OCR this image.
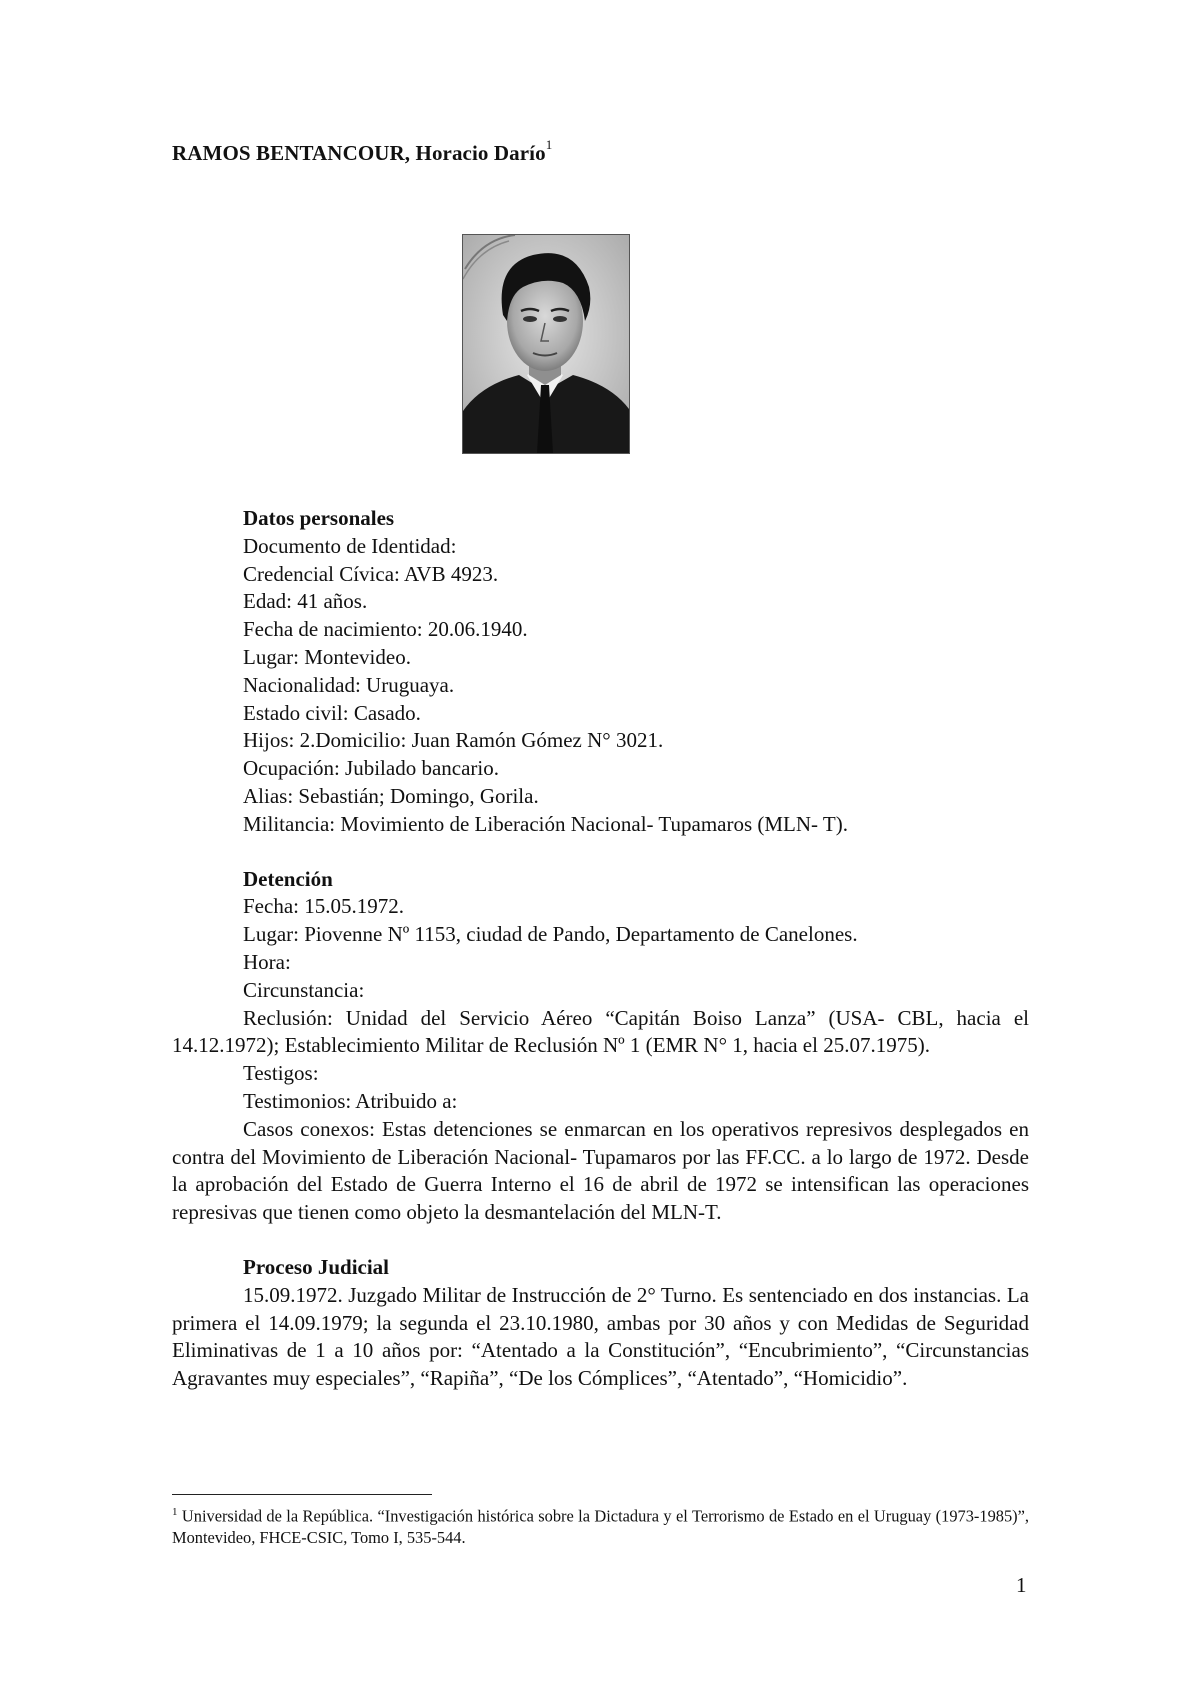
RAMOS BENTANCOUR, Horacio Darío$^1$
Datos personales
Documento de Identidad:
Credencial Cívica: AVB 4923.
Edad: 41 años.
Fecha de nacimiento: 20.06.1940.
Lugar: Montevideo.
Nacionalidad: Uruguaya.
Estado civil: Casado.
Hijos: 2.Domicilio: Juan Ramón Gómez N° 3021.
Ocupación: Jubilado bancario.
Alias: Sebastián; Domingo, Gorila.
Militancia: Movimiento de Liberación Nacional- Tupamaros (MLN- T).
Detención
Fecha: 15.05.1972.
Lugar: Piovenne Nº 1153, ciudad de Pando, Departamento de Canelones.
Hora:
Circunstancia:
Reclusión: Unidad del Servicio Aéreo “Capitán Boiso Lanza” (USA- CBL, hacia el 14.12.1972); Establecimiento Militar de Reclusión Nº 1 (EMR N° 1, hacia el 25.07.1975).
Testigos:
Testimonios: Atribuido a:
Casos conexos: Estas detenciones se enmarcan en los operativos represivos desplegados en contra del Movimiento de Liberación Nacional- Tupamaros por las FF.CC. a lo largo de 1972. Desde la aprobación del Estado de Guerra Interno el 16 de abril de 1972 se intensifican las operaciones represivas que tienen como objeto la desmantelación del MLN-T.
Proceso Judicial
15.09.1972. Juzgado Militar de Instrucción de 2° Turno. Es sentenciado en dos instancias. La primera el 14.09.1979; la segunda el 23.10.1980, ambas por 30 años y con Medidas de Seguridad Eliminativas de 1 a 10 años por: “Atentado a la Constitución”, “Encubrimiento”, “Circunstancias Agravantes muy especiales”, “Rapiña”, “De los Cómplices”, “Atentado”, “Homicidio”.
$^1$ Universidad de la República. “Investigación histórica sobre la Dictadura y el Terrorismo de Estado en el Uruguay (1973-1985)”, Montevideo, FHCE-CSIC, Tomo I, 535-544.
1
